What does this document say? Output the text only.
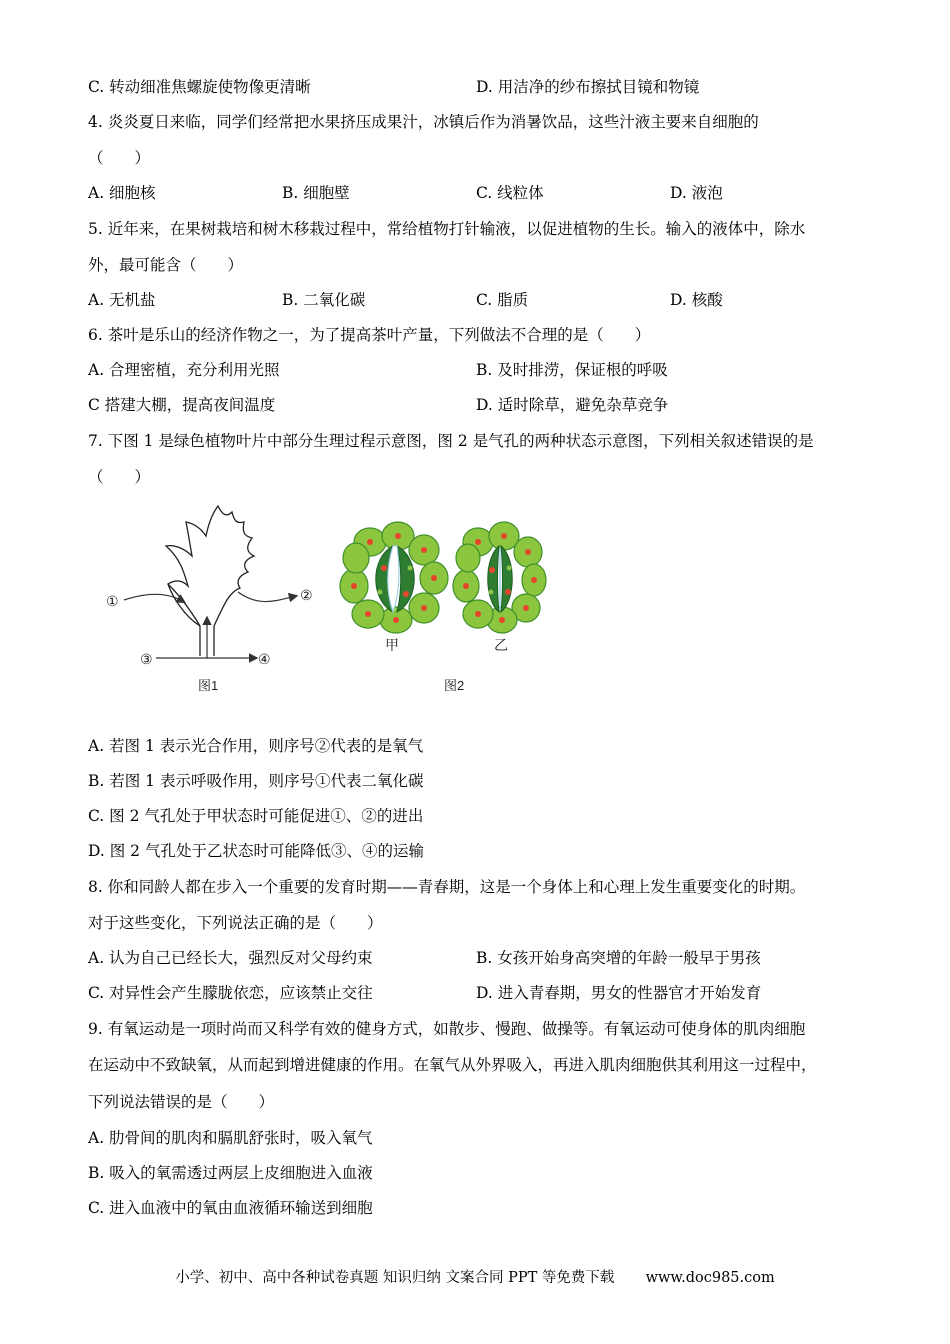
C. 转动细准焦螺旋使物像更清晰	D. 用洁净的纱布擦拭目镜和物镜
4. 炎炎夏日来临，同学们经常把水果挤压成果汁，冰镇后作为消暑饮品，这些汁液主要来自细胞的
（　　）
A. 细胞核	B. 细胞壁	C. 线粒体	D. 液泡
5. 近年来，在果树栽培和树木移栽过程中，常给植物打针输液，以促进植物的生长。输入的液体中，除水
外，最可能含（　　）
A. 无机盐	B. 二氧化碳	C. 脂质	D. 核酸
6. 茶叶是乐山的经济作物之一，为了提高茶叶产量，下列做法不合理的是（　　）
A. 合理密植，充分利用光照	B. 及时排涝，保证根的呼吸
C 搭建大棚，提高夜间温度	D. 适时除草，避免杂草竞争
7. 下图 1 是绿色植物叶片中部分生理过程示意图，图 2 是气孔的两种状态示意图，下列相关叙述错误的是
（　　）
①	②
③	④
图1
甲	乙
图2
A. 若图 1 表示光合作用，则序号②代表的是氧气
B. 若图 1 表示呼吸作用，则序号①代表二氧化碳
C. 图 2 气孔处于甲状态时可能促进①、②的进出
D. 图 2 气孔处于乙状态时可能降低③、④的运输
8. 你和同龄人都在步入一个重要的发育时期——青春期，这是一个身体上和心理上发生重要变化的时期。
对于这些变化，下列说法正确的是（　　）
A. 认为自己已经长大，强烈反对父母约束	B. 女孩开始身高突增的年龄一般早于男孩
C. 对异性会产生朦胧依恋，应该禁止交往	D. 进入青春期，男女的性器官才开始发育
9. 有氧运动是一项时尚而又科学有效的健身方式，如散步、慢跑、做操等。有氧运动可使身体的肌肉细胞
在运动中不致缺氧，从而起到增进健康的作用。在氧气从外界吸入，再进入肌肉细胞供其利用这一过程中，
下列说法错误的是（　　）
A. 肋骨间的肌肉和膈肌舒张时，吸入氧气
B. 吸入的氧需透过两层上皮细胞进入血液
C. 进入血液中的氧由血液循环输送到细胞
小学、初中、高中各种试卷真题 知识归纳 文案合同 PPT 等免费下载 www.doc985.com
